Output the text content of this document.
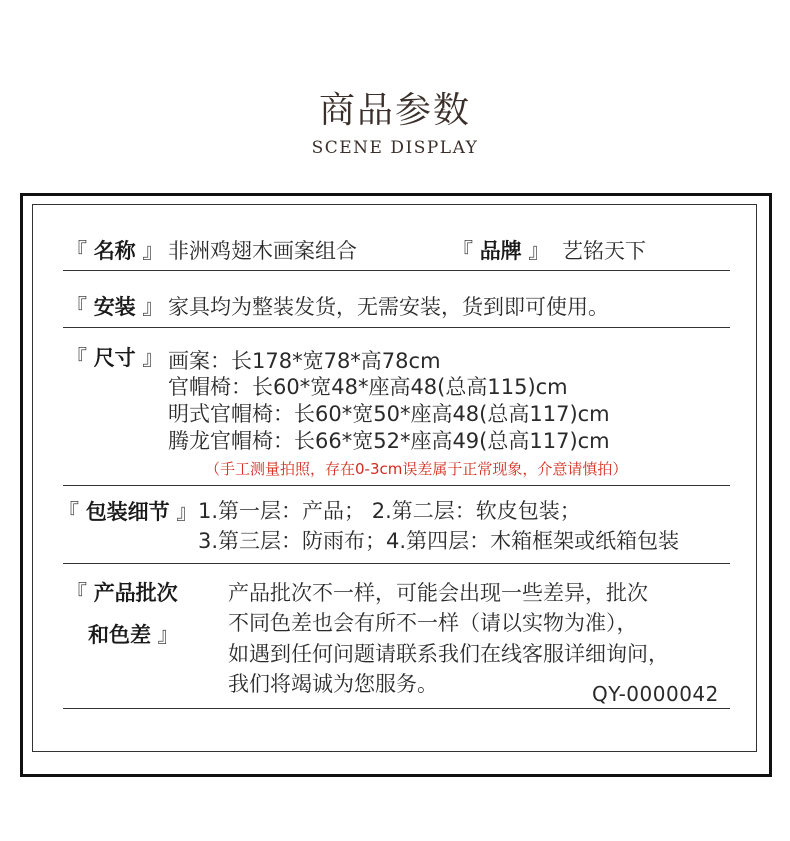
商品参数
SCENE DISPLAY
『 名称 』 非洲鸡翅木画案组合	『 品牌 』 艺铭天下
『 安装 』 家具均为整装发货，无需安装，货到即可使用。
『 尺寸 』 画案：长178*宽78*高78cm
官帽椅：长60*宽48*座高48(总高115)cm
明式官帽椅：长60*宽50*座高48(总高117)cm
腾龙官帽椅：长66*宽52*座高49(总高117)cm
（手工测量拍照，存在0-3cm误差属于正常现象，介意请慎拍）
『 包装细节 』 1.第一层：产品； 2.第二层：软皮包装；
3.第三层：防雨布；4.第四层：木箱框架或纸箱包装
『 产品批次
和色差 』
产品批次不一样，可能会出现一些差异，批次
不同色差也会有所不一样（请以实物为准），
如遇到任何问题请联系我们在线客服详细询问，
我们将竭诚为您服务。	QY-0000042
